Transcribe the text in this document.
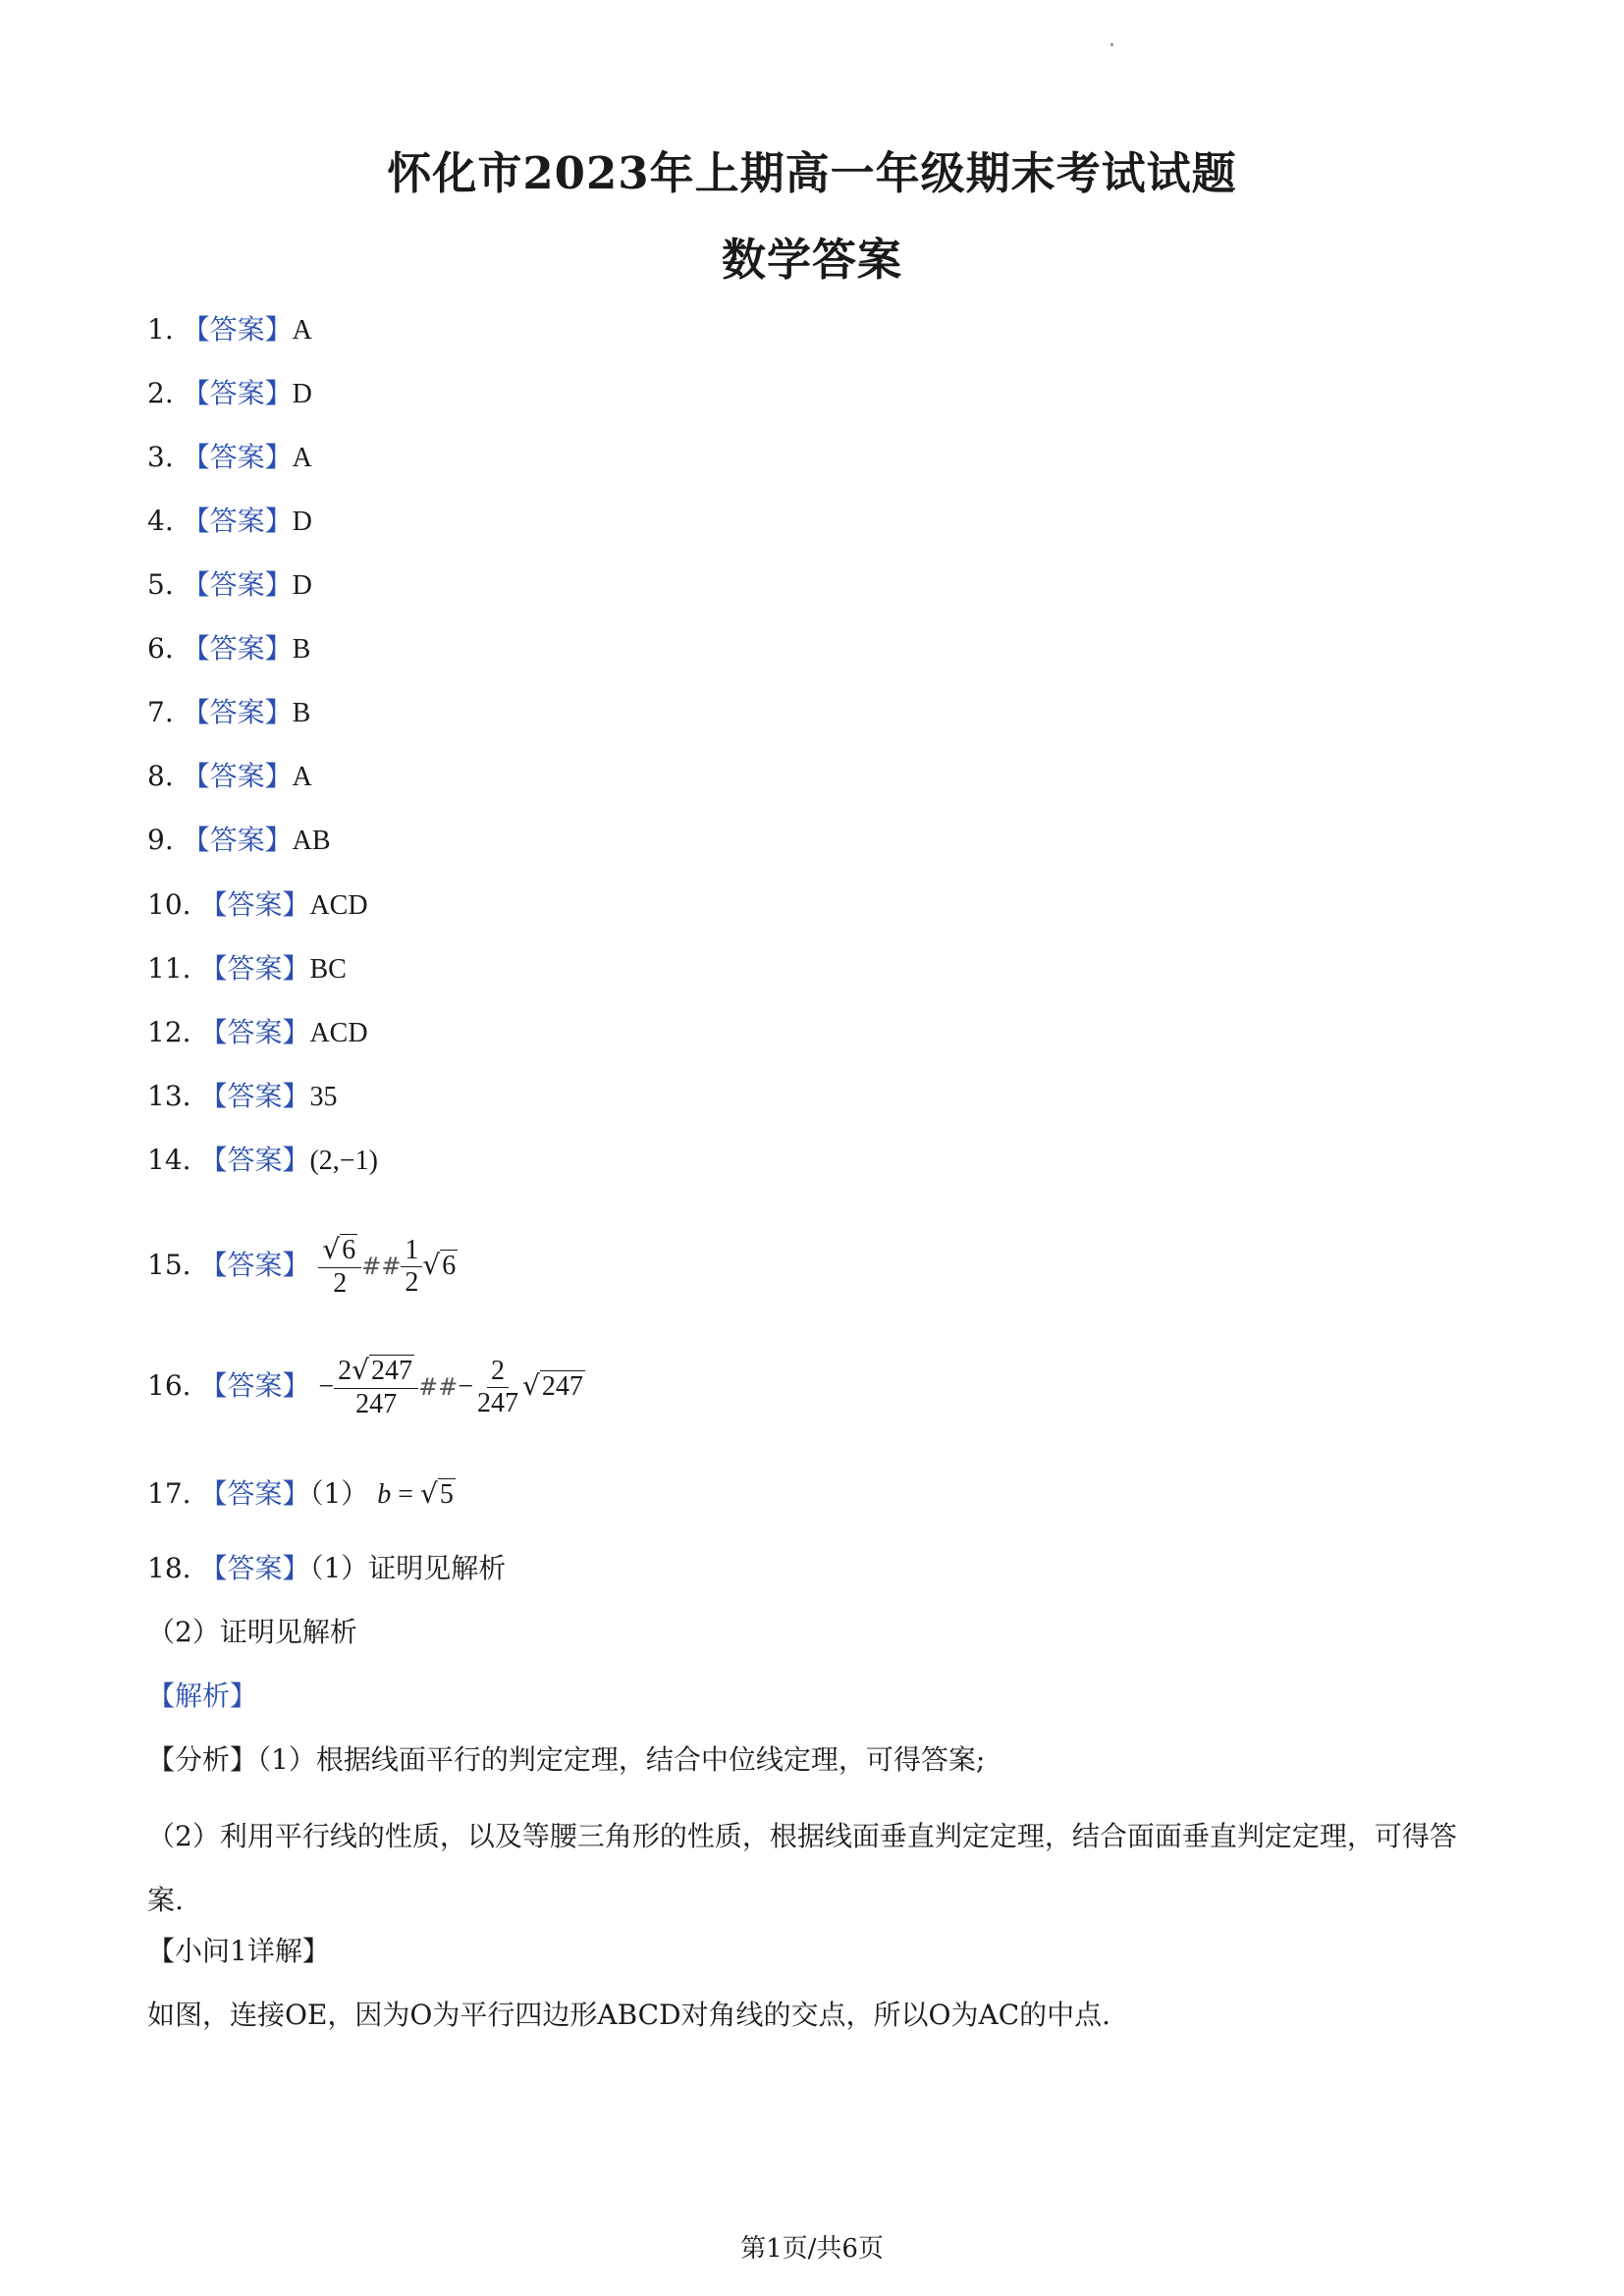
怀化市2023年上期高一年级期末考试试题
数学答案
1. 【答案】A
2. 【答案】D
3. 【答案】A
4. 【答案】D
5. 【答案】D
6. 【答案】B
7. 【答案】B
8. 【答案】A
9. 【答案】AB
10. 【答案】ACD
11. 【答案】BC
12. 【答案】ACD
13. 【答案】35
14. 【答案】(2,−1)
15. 【答案】 $\frac{√6}{2}$ ## $\frac{1}{2} √6$
16. 【答案】 − $\frac{2√247}{247}$ ##− $\frac{2}{247} √247$
17. 【答案】（1） b = √5
18. 【答案】（1）证明见解析
（2）证明见解析
【解析】
【分析】（1）根据线面平行的判定定理，结合中位线定理，可得答案;
（2）利用平行线的性质，以及等腰三角形的性质，根据线面垂直判定定理，结合面面垂直判定定理，可得答案.
【小问1详解】
如图，连接OE，因为O为平行四边形ABCD对角线的交点，所以O为AC的中点.
第1页/共6页
